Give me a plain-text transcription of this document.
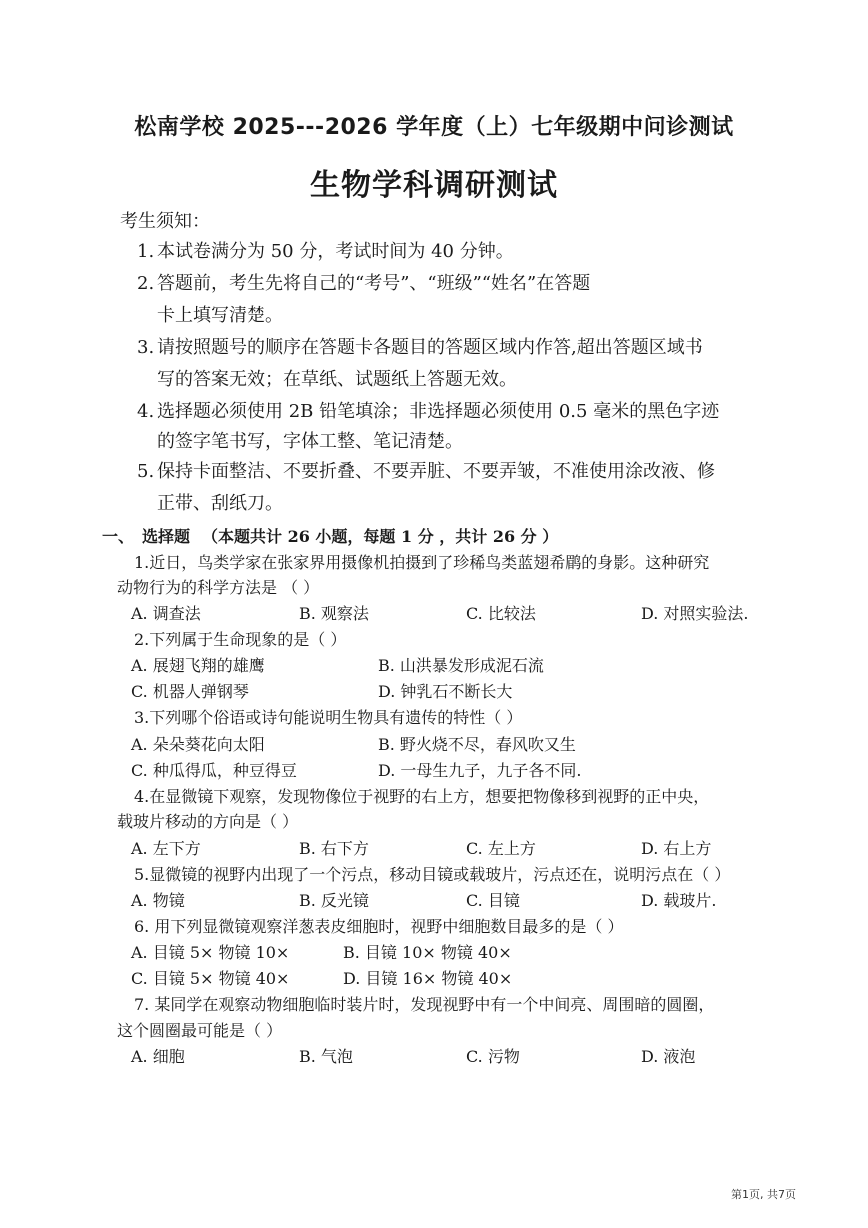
松南学校 2025---2026 学年度（上）七年级期中问诊测试
生物学科调研测试
考生须知：
1. 本试卷满分为 50 分，考试时间为 40 分钟。
2. 答题前，考生先将自己的“考号”、“班级”“姓名”在答题
卡上填写清楚。
3. 请按照题号的顺序在答题卡各题目的答题区域内作答,超出答题区域书
写的答案无效；在草纸、试题纸上答题无效。
4. 选择题必须使用 2B 铅笔填涂；非选择题必须使用 0.5 毫米的黑色字迹
的签字笔书写，字体工整、笔记清楚。
5. 保持卡面整洁、不要折叠、不要弄脏、不要弄皱，不准使用涂改液、修
正带、刮纸刀。
一、 选择题 （本题共计 26 小题，每题 1 分 ，共计 26 分 ）
1.近日，鸟类学家在张家界用摄像机拍摄到了珍稀鸟类蓝翅希鹛的身影。这种研究
动物行为的科学方法是 （ ）
A. 调查法	B. 观察法	C. 比较法	D. 对照实验法.
2.下列属于生命现象的是（ ）
A. 展翅飞翔的雄鹰	B. 山洪暴发形成泥石流
C. 机器人弹钢琴	D. 钟乳石不断长大
3.下列哪个俗语或诗句能说明生物具有遗传的特性（ ）
A. 朵朵葵花向太阳	B. 野火烧不尽，春风吹又生
C. 种瓜得瓜，种豆得豆	D. 一母生九子，九子各不同.
4.在显微镜下观察，发现物像位于视野的右上方，想要把物像移到视野的正中央，
载玻片移动的方向是（ ）
A. 左下方	B. 右下方	C. 左上方	D. 右上方
5.显微镜的视野内出现了一个污点，移动目镜或载玻片，污点还在，说明污点在（ ）
A. 物镜	B. 反光镜	C. 目镜	D. 载玻片.
6. 用下列显微镜观察洋葱表皮细胞时，视野中细胞数目最多的是（ ）
A. 目镜 5× 物镜 10×	B. 目镜 10× 物镜 40×
C. 目镜 5× 物镜 40×	D. 目镜 16× 物镜 40×
7. 某同学在观察动物细胞临时装片时，发现视野中有一个中间亮、周围暗的圆圈，
这个圆圈最可能是（ ）
A. 细胞	B. 气泡	C. 污物	D. 液泡
第1页, 共7页
